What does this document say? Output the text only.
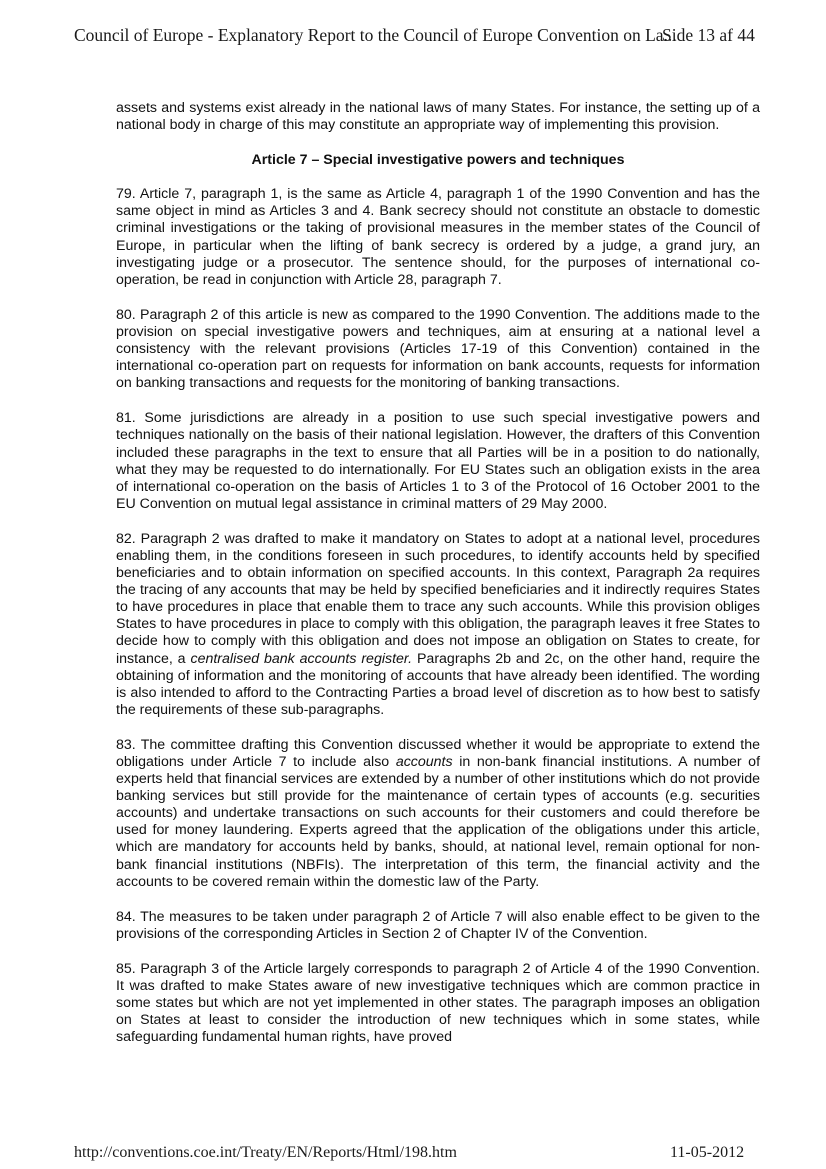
Council of Europe - Explanatory Report to the Council of Europe Convention on La...
Side 13 af 44

assets and systems exist already in the national laws of many States. For instance, the setting up of a national body in charge of this may constitute an appropriate way of implementing this provision.

Article 7 – Special investigative powers and techniques

79. Article 7, paragraph 1, is the same as Article 4, paragraph 1 of the 1990 Convention and has the same object in mind as Articles 3 and 4. Bank secrecy should not constitute an obstacle to domestic criminal investigations or the taking of provisional measures in the member states of the Council of Europe, in particular when the lifting of bank secrecy is ordered by a judge, a grand jury, an investigating judge or a prosecutor. The sentence should, for the purposes of international co-operation, be read in conjunction with Article 28, paragraph 7.

80. Paragraph 2 of this article is new as compared to the 1990 Convention. The additions made to the provision on special investigative powers and techniques, aim at ensuring at a national level a consistency with the relevant provisions (Articles 17-19 of this Convention) contained in the international co-operation part on requests for information on bank accounts, requests for information on banking transactions and requests for the monitoring of banking transactions.

81. Some jurisdictions are already in a position to use such special investigative powers and techniques nationally on the basis of their national legislation. However, the drafters of this Convention included these paragraphs in the text to ensure that all Parties will be in a position to do nationally, what they may be requested to do internationally. For EU States such an obligation exists in the area of international co-operation on the basis of Articles 1 to 3 of the Protocol of 16 October 2001 to the EU Convention on mutual legal assistance in criminal matters of 29 May 2000.

82. Paragraph 2 was drafted to make it mandatory on States to adopt at a national level, procedures enabling them, in the conditions foreseen in such procedures, to identify accounts held by specified beneficiaries and to obtain information on specified accounts. In this context, Paragraph 2a requires the tracing of any accounts that may be held by specified beneficiaries and it indirectly requires States to have procedures in place that enable them to trace any such accounts. While this provision obliges States to have procedures in place to comply with this obligation, the paragraph leaves it free States to decide how to comply with this obligation and does not impose an obligation on States to create, for instance, a centralised bank accounts register. Paragraphs 2b and 2c, on the other hand, require the obtaining of information and the monitoring of accounts that have already been identified. The wording is also intended to afford to the Contracting Parties a broad level of discretion as to how best to satisfy the requirements of these sub-paragraphs.

83. The committee drafting this Convention discussed whether it would be appropriate to extend the obligations under Article 7 to include also accounts in non-bank financial institutions. A number of experts held that financial services are extended by a number of other institutions which do not provide banking services but still provide for the maintenance of certain types of accounts (e.g. securities accounts) and undertake transactions on such accounts for their customers and could therefore be used for money laundering. Experts agreed that the application of the obligations under this article, which are mandatory for accounts held by banks, should, at national level, remain optional for non-bank financial institutions (NBFIs). The interpretation of this term, the financial activity and the accounts to be covered remain within the domestic law of the Party.

84. The measures to be taken under paragraph 2 of Article 7 will also enable effect to be given to the provisions of the corresponding Articles in Section 2 of Chapter IV of the Convention.

85. Paragraph 3 of the Article largely corresponds to paragraph 2 of Article 4 of the 1990 Convention. It was drafted to make States aware of new investigative techniques which are common practice in some states but which are not yet implemented in other states. The paragraph imposes an obligation on States at least to consider the introduction of new techniques which in some states, while safeguarding fundamental human rights, have proved

http://conventions.coe.int/Treaty/EN/Reports/Html/198.htm	11-05-2012
